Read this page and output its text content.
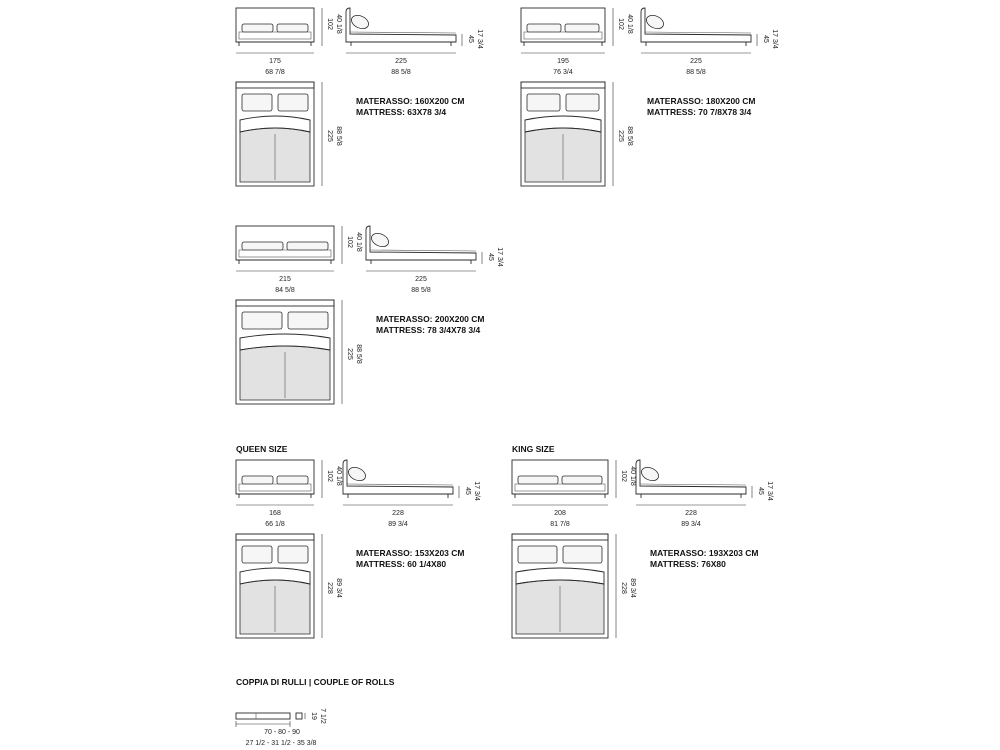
102 40 1/8
175
68 7/8
45 17 3/4
225
88 5/8
225 88 5/8
MATERASSO: 160X200 CM
MATTRESS: 63X78 3/4
102 40 1/8
195
76 3/4
45 17 3/4
225
88 5/8
225 88 5/8
MATERASSO: 180X200 CM
MATTRESS: 70 7/8X78 3/4
102 40 1/8
215
84 5/8
45 17 3/4
225
88 5/8
225 88 5/8
MATERASSO: 200X200 CM
MATTRESS: 78 3/4X78 3/4
QUEEN SIZE
102 40 1/8
168
66 1/8
45 17 3/4
228
89 3/4
228 89 3/4
MATERASSO: 153X203 CM
MATTRESS: 60 1/4X80
KING SIZE
102 40 1/8
208
81 7/8
45 17 3/4
228
89 3/4
228 89 3/4
MATERASSO: 193X203 CM
MATTRESS: 76X80
COPPIA DI RULLI | COUPLE OF ROLLS
70 - 80 - 90
27 1/2 - 31 1/2 - 35 3/8
19 7 1/2
